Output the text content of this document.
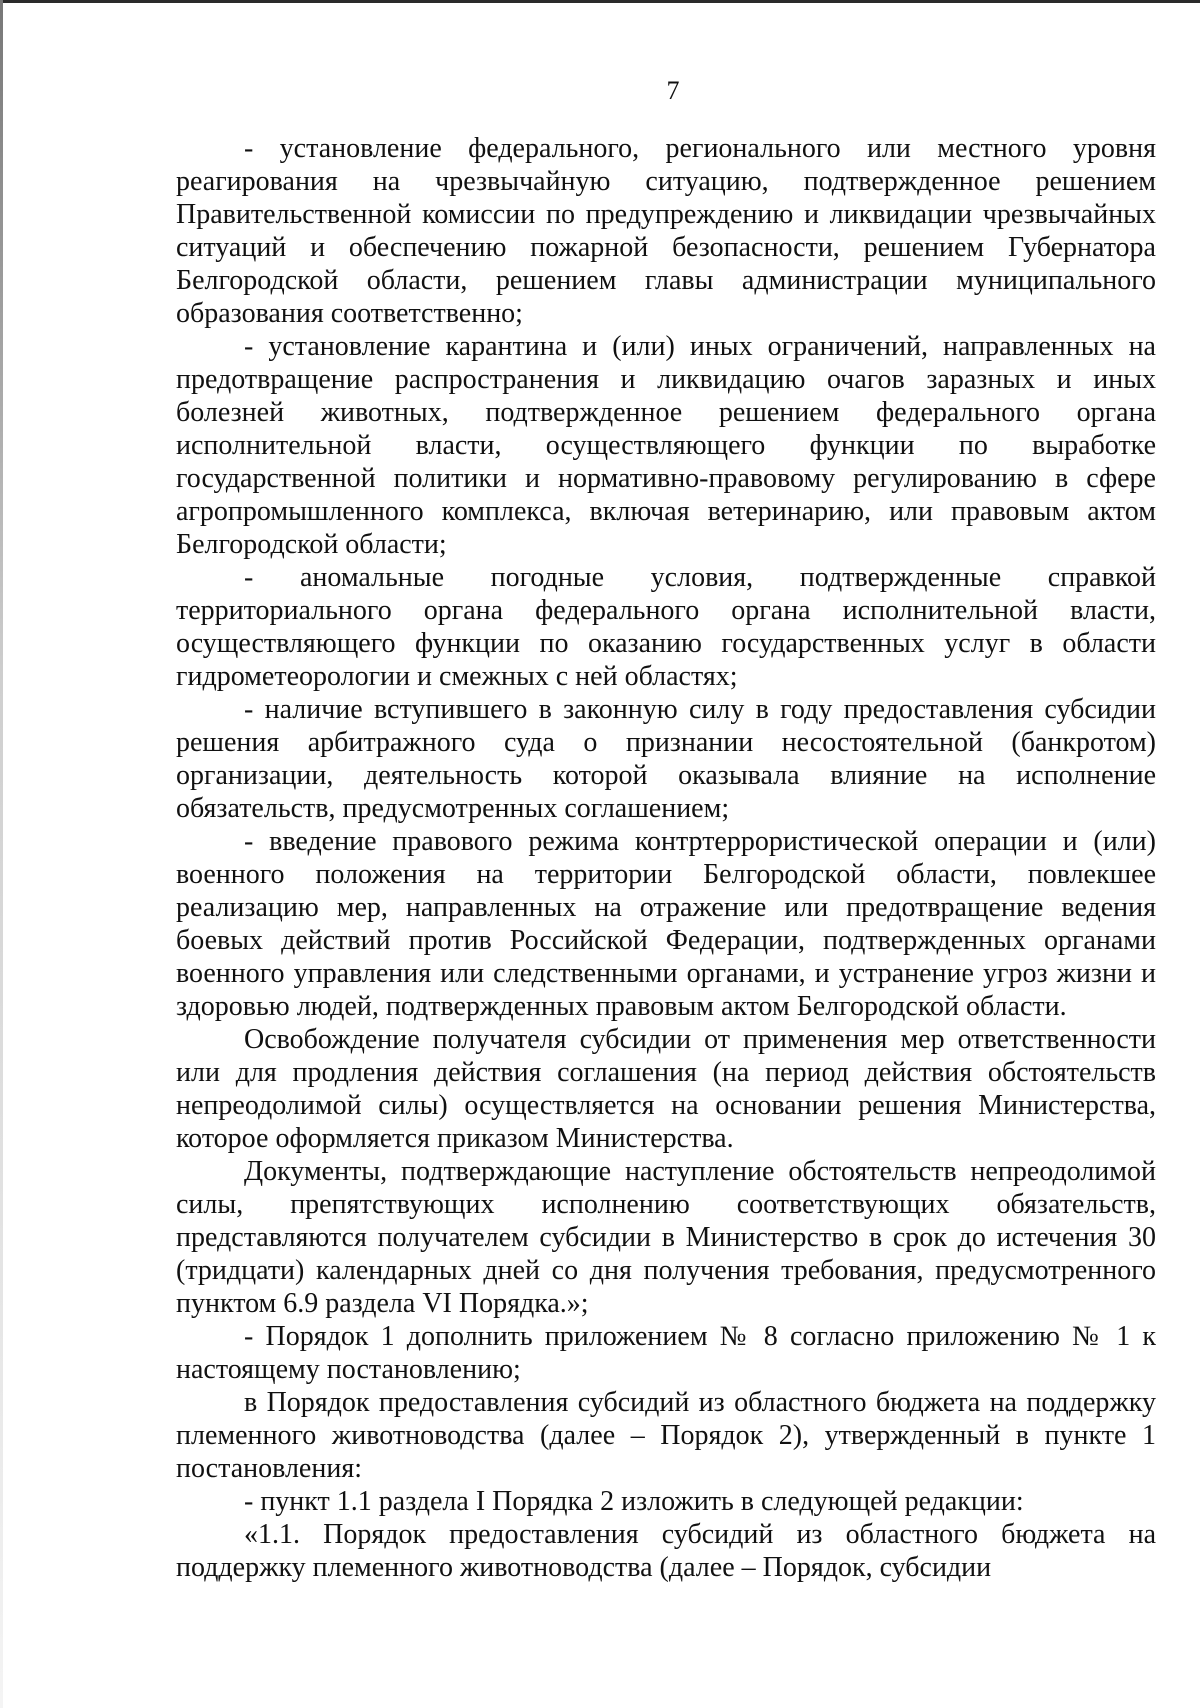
7

- установление федерального, регионального или местного уровня реагирования на чрезвычайную ситуацию, подтвержденное решением Правительственной комиссии по предупреждению и ликвидации чрезвычайных ситуаций и обеспечению пожарной безопасности, решением Губернатора Белгородской области, решением главы администрации муниципального образования соответственно;

- установление карантина и (или) иных ограничений, направленных на предотвращение распространения и ликвидацию очагов заразных и иных болезней животных, подтвержденное решением федерального органа исполнительной власти, осуществляющего функции по выработке государственной политики и нормативно-правовому регулированию в сфере агропромышленного комплекса, включая ветеринарию, или правовым актом Белгородской области;

- аномальные погодные условия, подтвержденные справкой территориального органа федерального органа исполнительной власти, осуществляющего функции по оказанию государственных услуг в области гидрометеорологии и смежных с ней областях;

- наличие вступившего в законную силу в году предоставления субсидии решения арбитражного суда о признании несостоятельной (банкротом) организации, деятельность которой оказывала влияние на исполнение обязательств, предусмотренных соглашением;

- введение правового режима контртеррористической операции и (или) военного положения на территории Белгородской области, повлекшее реализацию мер, направленных на отражение или предотвращение ведения боевых действий против Российской Федерации, подтвержденных органами военного управления или следственными органами, и устранение угроз жизни и здоровью людей, подтвержденных правовым актом Белгородской области.

Освобождение получателя субсидии от применения мер ответственности или для продления действия соглашения (на период действия обстоятельств непреодолимой силы) осуществляется на основании решения Министерства, которое оформляется приказом Министерства.

Документы, подтверждающие наступление обстоятельств непреодолимой силы, препятствующих исполнению соответствующих обязательств, представляются получателем субсидии в Министерство в срок до истечения 30 (тридцати) календарных дней со дня получения требования, предусмотренного пунктом 6.9 раздела VI Порядка.»;

- Порядок 1 дополнить приложением № 8 согласно приложению № 1 к настоящему постановлению;

в Порядок предоставления субсидий из областного бюджета на поддержку племенного животноводства (далее – Порядок 2), утвержденный в пункте 1 постановления:

- пункт 1.1 раздела I Порядка 2 изложить в следующей редакции:

«1.1. Порядок предоставления субсидий из областного бюджета на поддержку племенного животноводства (далее – Порядок, субсидии
